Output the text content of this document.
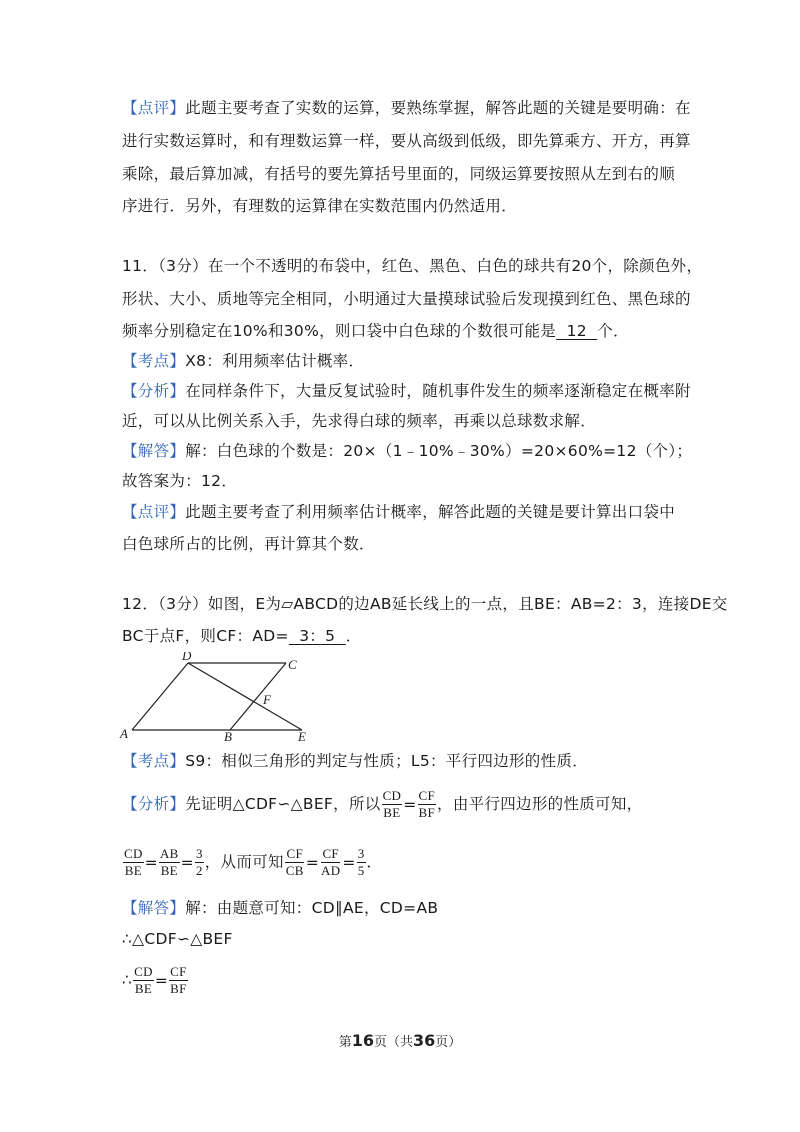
【点评】此题主要考查了实数的运算，要熟练掌握，解答此题的关键是要明确：在
进行实数运算时，和有理数运算一样，要从高级到低级，即先算乘方、开方，再算
乘除，最后算加减，有括号的要先算括号里面的，同级运算要按照从左到右的顺
序进行．另外，有理数的运算律在实数范围内仍然适用．
11．（3分）在一个不透明的布袋中，红色、黑色、白色的球共有20个，除颜色外，
形状、大小、质地等完全相同，小明通过大量摸球试验后发现摸到红色、黑色球的
频率分别稳定在10%和30%，则口袋中白色球的个数很可能是  12  个．
【考点】X8：利用频率估计概率．
【分析】在同样条件下，大量反复试验时，随机事件发生的频率逐渐稳定在概率附
近，可以从比例关系入手，先求得白球的频率，再乘以总球数求解．
【解答】解：白色球的个数是：20×（1﹣10%﹣30%）=20×60%=12（个）；
故答案为：12．
【点评】此题主要考查了利用频率估计概率，解答此题的关键是要计算出口袋中
白色球所占的比例，再计算其个数．
12．（3分）如图，E为▱ABCD的边AB延长线上的一点，且BE：AB=2：3，连接DE交
BC于点F，则CF：AD=  3：5  ．
A
D
C
F
B	E
【考点】S9：相似三角形的判定与性质；L5：平行四边形的性质．
【分析】先证明△CDF∽△BEF，所以 $\frac{CD}{BE} = \frac{CF}{BF}$ ，由平行四边形的性质可知，
$\frac{CD}{BE} = \frac{AB}{BE} = \frac{3}{2}$ ，从而可知 $\frac{CF}{CB} = \frac{CF}{AD} = \frac{3}{5}$ ．
【解答】解：由题意可知：CD∥AE，CD=AB
∴△CDF∽△BEF
∴ $\frac{CD}{BE} = \frac{CF}{BF}$
第16页（共36页）
